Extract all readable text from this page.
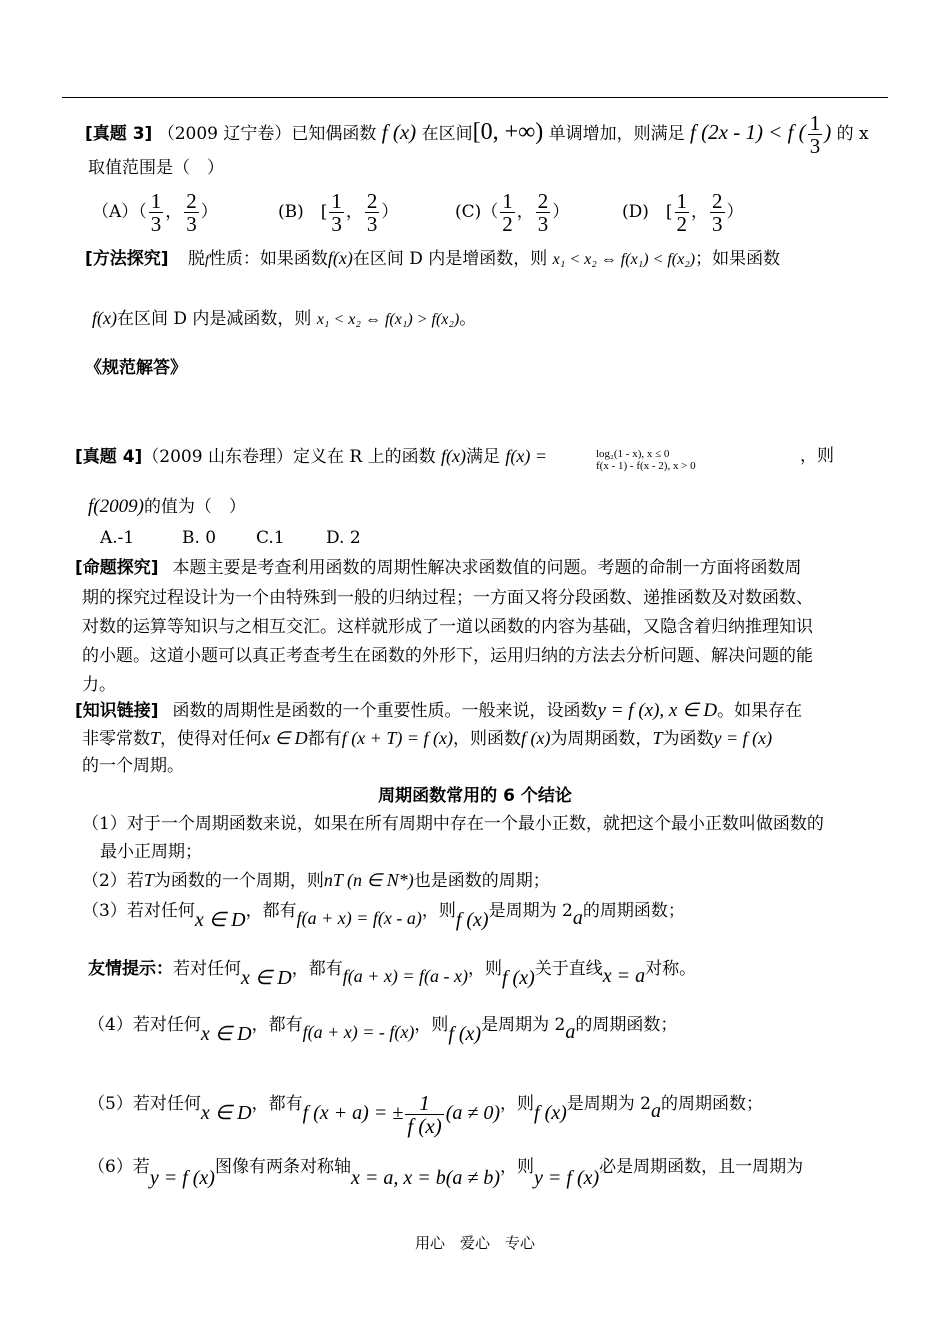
[真题 3] （2009 辽宁卷）已知偶函数 f (x) 在区间[0, +∞) 单调增加，则满足 f (2x - 1) < f ( $\frac{1}{3}$ ) 的 x
取值范围是（　）
$(A)( \frac{1}{3}$ ， $\frac{2}{3}$ ）	(B)　[ $\frac{1}{3}$ ， $\frac{2}{3}$ ）	$(C)( \frac{1}{2}$ ， $\frac{2}{3}$ ）	(D)　[ $\frac{1}{2}$ ， $\frac{2}{3}$ ）
[方法探究] 脱f性质：如果函数f(x)在区间 D 内是增函数，则 x₁ < x₂ ⇔ f(x₁) < f(x₂)；如果函数
f(x)在区间 D 内是减函数，则 x₁ < x₂ ⇔ f(x₁) > f(x₂)。
《规范解答》
[真题 4]（2009 山东卷理）定义在 R 上的函数 f(x)满足 f(x) =	log₂(1 - x), x ≤ 0
f(x - 1) - f(x - 2), x > 0	，则
f(2009)的值为（　）
A.-1	B. 0 C.1 D. 2
[命题探究] 本题主要是考查利用函数的周期性解决求函数值的问题。考题的命制一方面将函数周
期的探究过程设计为一个由特殊到一般的归纳过程；一方面又将分段函数、递推函数及对数函数、
对数的运算等知识与之相互交汇。这样就形成了一道以函数的内容为基础，又隐含着归纳推理知识
的小题。这道小题可以真正考查考生在函数的外形下，运用归纳的方法去分析问题、解决问题的能
力。
[知识链接] 函数的周期性是函数的一个重要性质。一般来说，设函数y = f (x), x ∈ D。如果存在
非零常数T，使得对任何x ∈ D都有f (x + T) = f (x)，则函数f (x)为周期函数，T为函数y = f (x)
的一个周期。
周期函数常用的 6 个结论
（1）对于一个周期函数来说，如果在所有周期中存在一个最小正数，就把这个最小正数叫做函数的
最小正周期；
（2）若T为函数的一个周期，则nT (n ∈ N*)也是函数的周期；
（3）若对任何x ∈ D，都有f(a + x) = f(x - a)，则f (x)是周期为 2a的周期函数；
友情提示：若对任何x ∈ D，都有f(a + x) = f(a - x)，则f (x)关于直线x = a对称。
（4）若对任何x ∈ D，都有f(a + x) = - f(x)，则f (x)是周期为 2a的周期函数；
（5）若对任何x ∈ D，都有f (x + a) = ± $\frac{1}{f (x)} (a \ne 0)$，则f (x)是周期为 2a的周期函数；
（6）若y = f (x)图像有两条对称轴x = a, x = b(a ≠ b)，则y = f (x)必是周期函数，且一周期为
用心　爱心　专心
